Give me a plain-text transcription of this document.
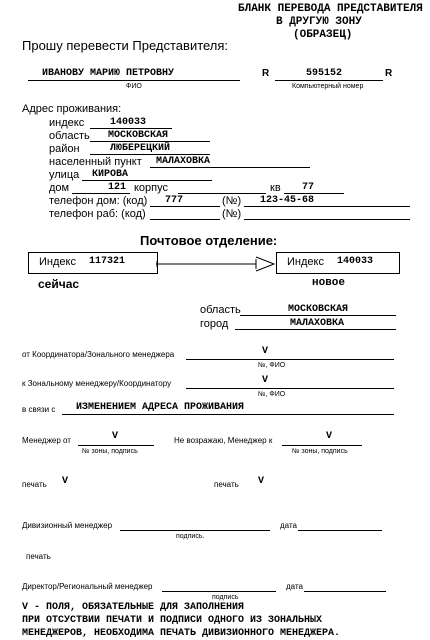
БЛАНК ПЕРЕВОДА ПРЕДСТАВИТЕЛЯ
В ДРУГУЮ ЗОНУ
(ОБРАЗЕЦ)
Прошу перевести Представителя:
ИВАНОВУ МАРИЮ ПЕТРОВНУ
ФИО
R	595152	R
Компьютерный номер
Адрес проживания:
индекс	140033
область МОСКОВСКАЯ
район	ЛЮБЕРЕЦКИЙ
населенный пункт МАЛАХОВКА
улица КИРОВА
дом	121 корпус	кв 77
телефон дом: (код) 777	(№) 123-45-68
телефон раб: (код)	(№)
Почтовое отделение:
Индекс 117321	Индекс 140033
сейчас	новое
область	МОСКОВСКАЯ
город	МАЛАХОВКА
от Координатора/Зонального менеджера	V
№, ФИО
к Зональному менеджеру/Координатору	V
№, ФИО
в связи с ИЗМЕНЕНИЕМ АДРЕСА ПРОЖИВАНИЯ
Менеджер от	V
№ зоны, подпись
Не возражаю, Менеджер к	V
№ зоны, подпись
печать V	печать V
Дивизионный менеджер	дата
подпись.
печать
Директор/Региональный менеджер	дата
подпись
V - ПОЛЯ, ОБЯЗАТЕЛЬНЫЕ ДЛЯ ЗАПОЛНЕНИЯ
ПРИ ОТСУСТВИИ ПЕЧАТИ И ПОДПИСИ ОДНОГО ИЗ ЗОНАЛЬНЫХ
МЕНЕДЖЕРОВ, НЕОБХОДИМА ПЕЧАТЬ ДИВИЗИОННОГО МЕНЕДЖЕРА.
